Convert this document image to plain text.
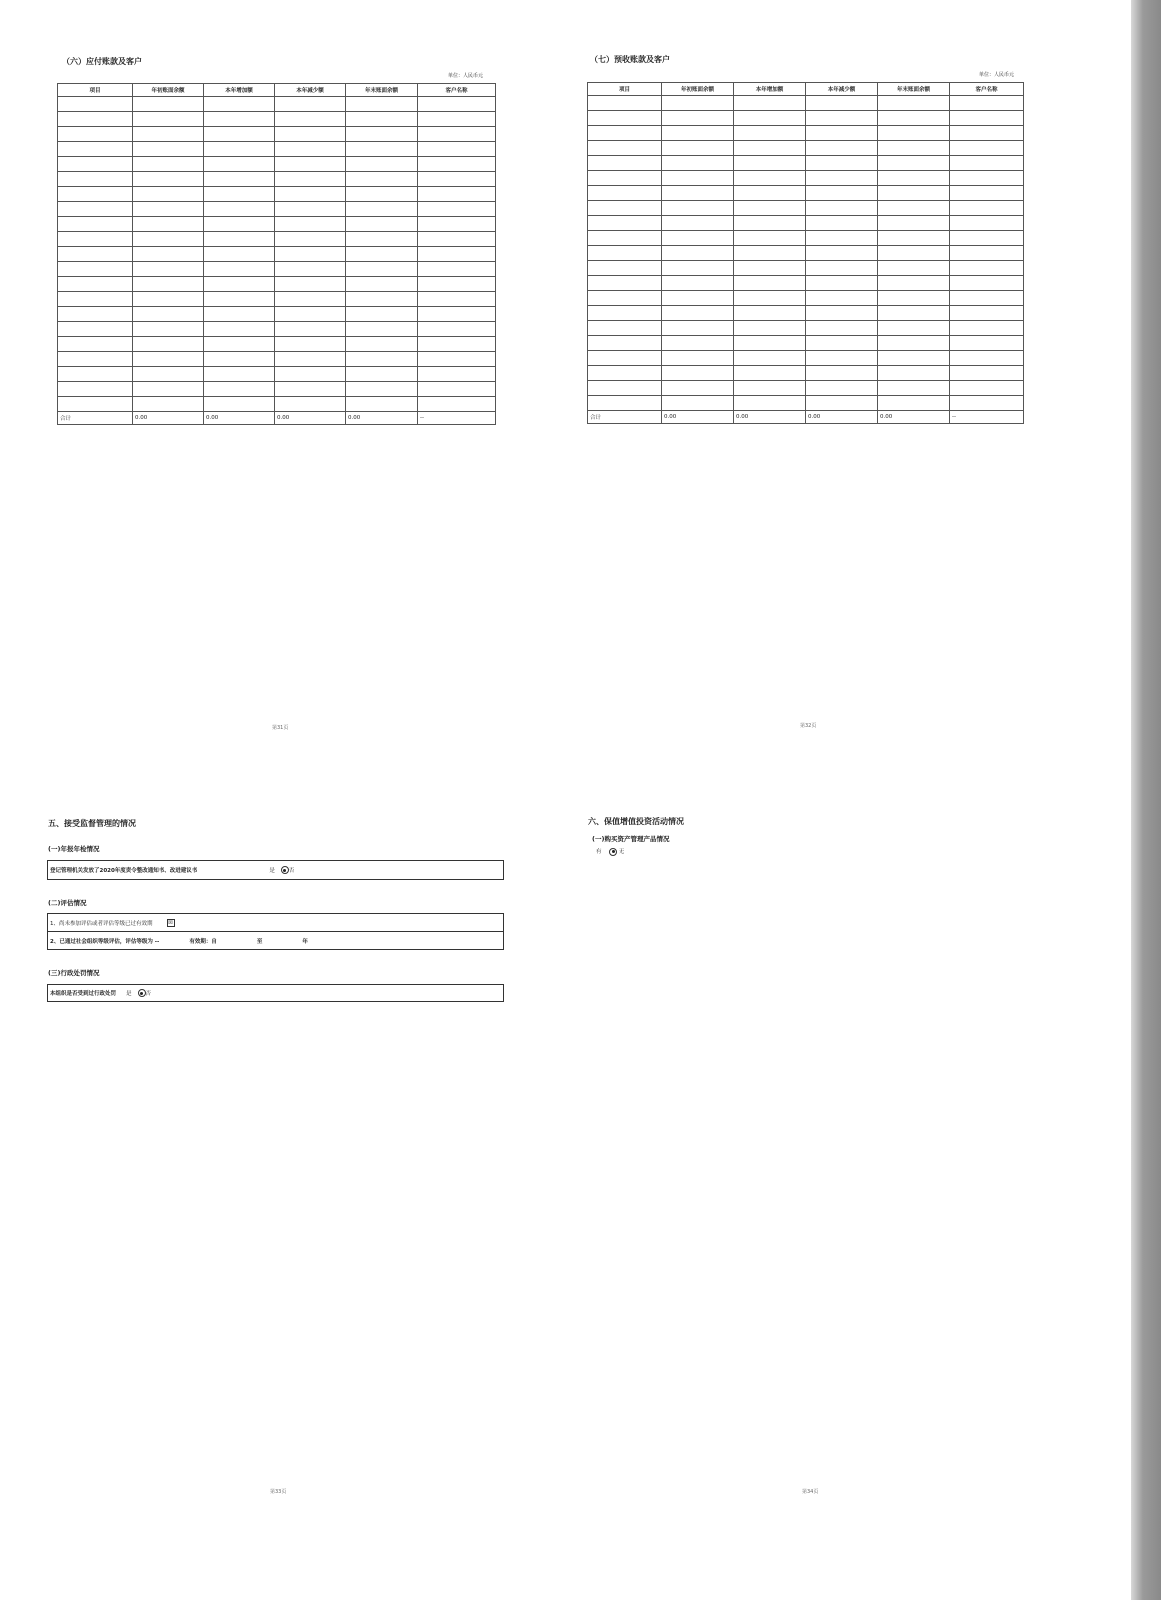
（六）应付账款及客户
单位：人民币元
项目	年初账面余额	本年增加额	本年减少额	年末账面余额	客户名称

合计	0.00	0.00	0.00	0.00	--
第31页
（七）预收账款及客户
单位：人民币元
项目	年初账面余额	本年增加额	本年减少额	年末账面余额	客户名称

合计	0.00	0.00	0.00	0.00	--
第32页
五、接受监督管理的情况
(一)年报年检情况
登记管理机关发放了2020年度责令整改通知书、改进建议书	是	否
(二)评估情况
1、尚未参加评估或者评估等级已过有效期	☒
2、已通过社会组织等级评估，评估等级为 --	有效期：自	至	年
(三)行政处罚情况
本组织是否受到过行政处罚 是	否
第33页
六、保值增值投资活动情况
(一)购买资产管理产品情况
有	无
第34页
